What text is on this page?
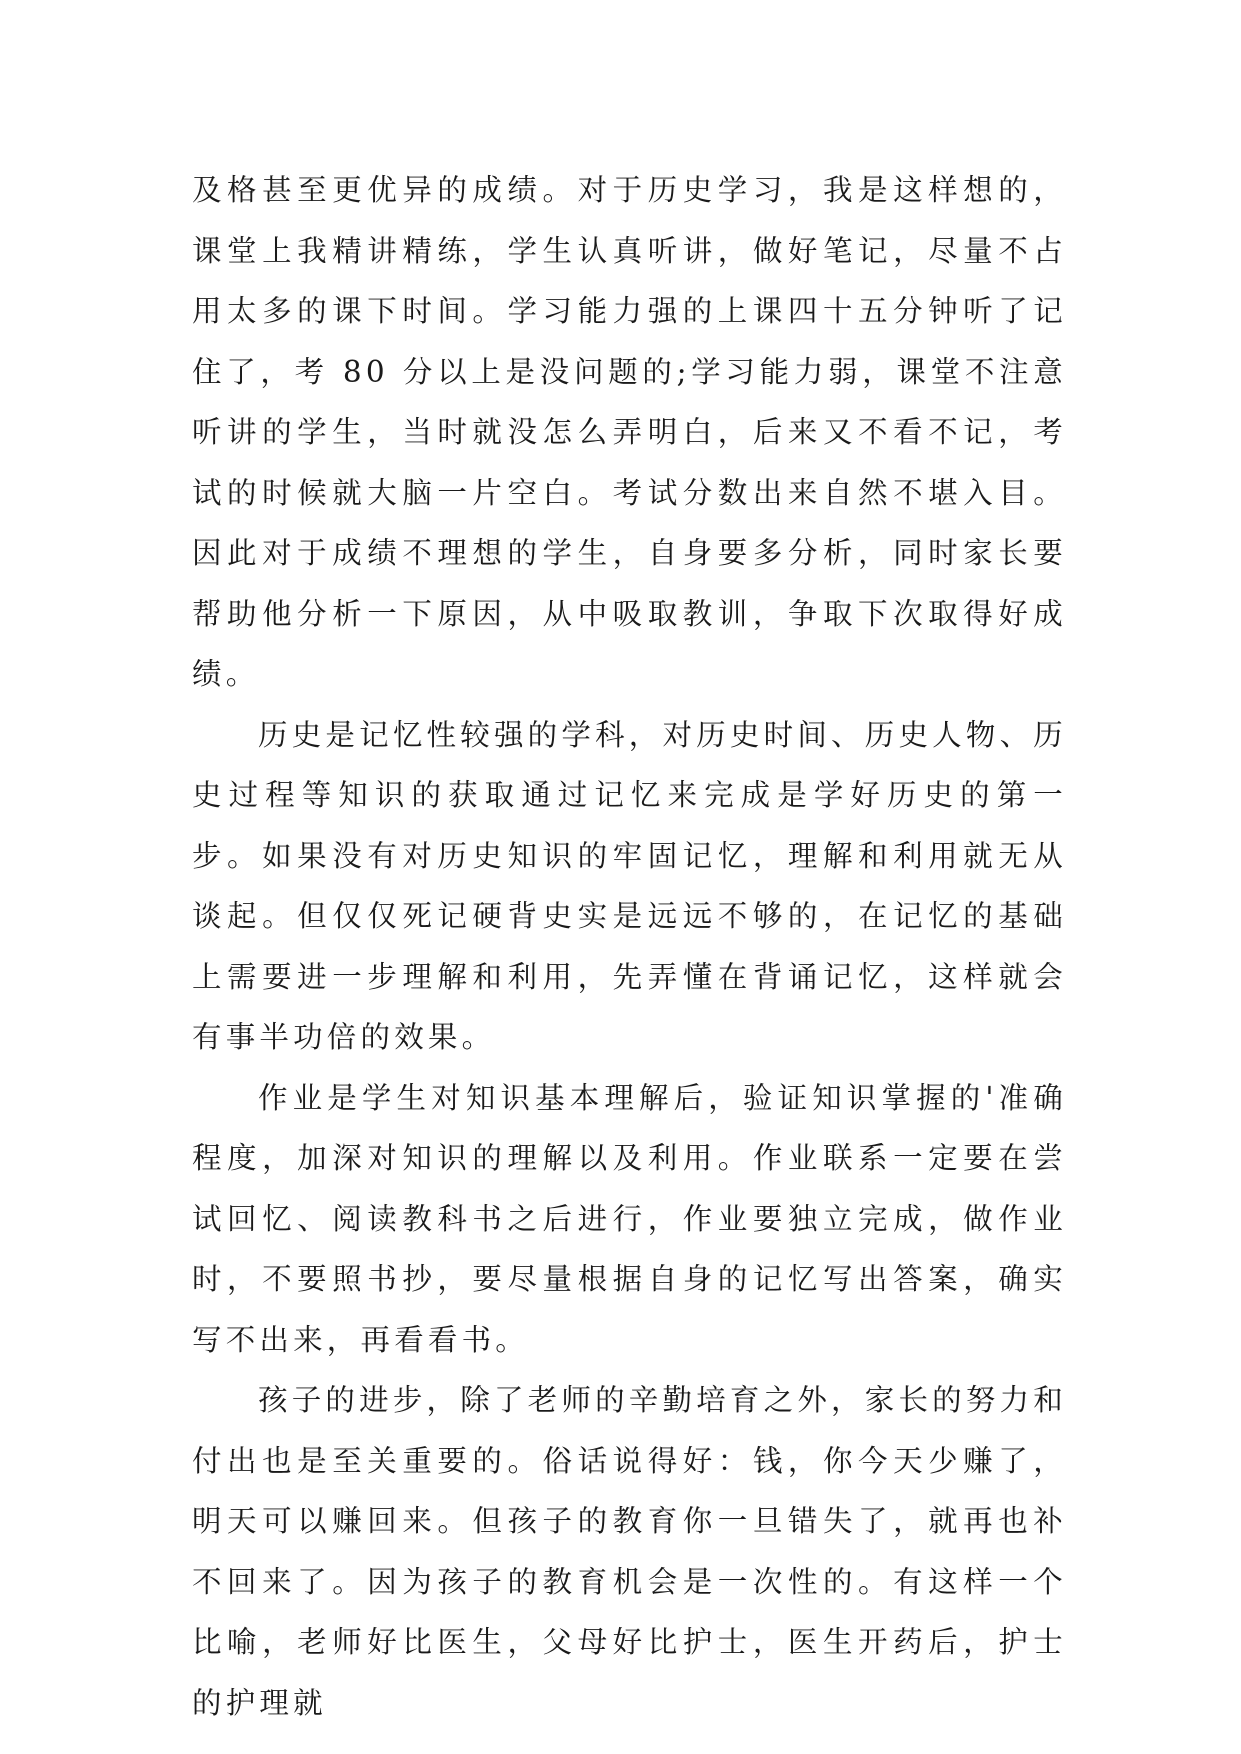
及格甚至更优异的成绩。对于历史学习，我是这样想的，课堂上我精讲精练，学生认真听讲，做好笔记，尽量不占用太多的课下时间。学习能力强的上课四十五分钟听了记住了，考 80 分以上是没问题的;学习能力弱，课堂不注意听讲的学生，当时就没怎么弄明白，后来又不看不记，考试的时候就大脑一片空白。考试分数出来自然不堪入目。因此对于成绩不理想的学生，自身要多分析，同时家长要帮助他分析一下原因，从中吸取教训，争取下次取得好成绩。

历史是记忆性较强的学科，对历史时间、历史人物、历史过程等知识的获取通过记忆来完成是学好历史的第一步。如果没有对历史知识的牢固记忆，理解和利用就无从谈起。但仅仅死记硬背史实是远远不够的，在记忆的基础上需要进一步理解和利用，先弄懂在背诵记忆，这样就会有事半功倍的效果。

作业是学生对知识基本理解后，验证知识掌握的'准确程度，加深对知识的理解以及利用。作业联系一定要在尝试回忆、阅读教科书之后进行，作业要独立完成，做作业时，不要照书抄，要尽量根据自身的记忆写出答案，确实写不出来，再看看书。

孩子的进步，除了老师的辛勤培育之外，家长的努力和付出也是至关重要的。俗话说得好：钱，你今天少赚了，明天可以赚回来。但孩子的教育你一旦错失了，就再也补不回来了。因为孩子的教育机会是一次性的。有这样一个比喻，老师好比医生，父母好比护士，医生开药后，护士的护理就
